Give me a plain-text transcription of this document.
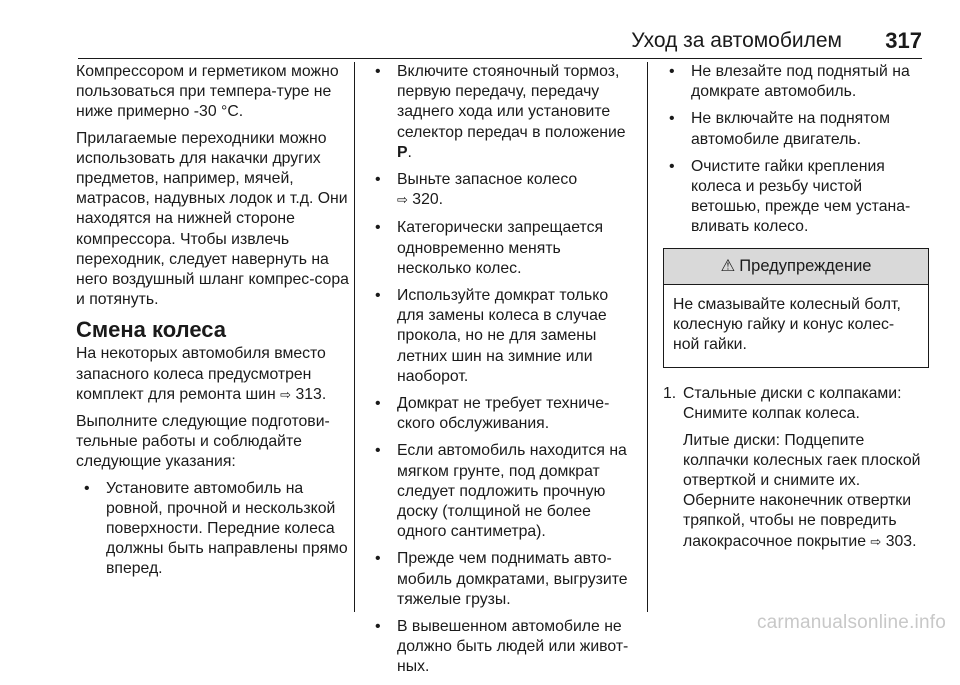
Уход за автомобилем 317

Компрессором и герметиком можно пользоваться при темпера-туре не ниже примерно -30 °C.

Прилагаемые переходники можно использовать для накачки других предметов, например, мячей, матрасов, надувных лодок и т.д. Они находятся на нижней стороне компрессора. Чтобы извлечь переходник, следует навернуть на него воздушный шланг компрес-сора и потянуть.

Смена колеса

На некоторых автомобиля вместо запасного колеса предусмотрен комплект для ремонта шин ⇨ 313.

Выполните следующие подготови-тельные работы и соблюдайте следующие указания:

• Установите автомобиль на ровной, прочной и нескользкой поверхности. Передние колеса должны быть направлены прямо вперед.
• Включите стояночный тормоз, первую передачу, передачу заднего хода или установите селектор передач в положение P.
• Выньте запасное колесо
⇨ 320.
• Категорически запрещается одновременно менять несколько колес.
• Используйте домкрат только для замены колеса в случае прокола, но не для замены летних шин на зимние или наоборот.
• Домкрат не требует техниче-ского обслуживания.
• Если автомобиль находится на мягком грунте, под домкрат следует подложить прочную доску (толщиной не более одного сантиметра).
• Прежде чем поднимать авто-мобиль домкратами, выгрузите тяжелые грузы.
• В вывешенном автомобиле не должно быть людей или живот-ных.
• Не влезайте под поднятый на домкрате автомобиль.
• Не включайте на поднятом автомобиле двигатель.
• Очистите гайки крепления колеса и резьбу чистой ветошью, прежде чем устана-вливать колесо.
⚠ Предупреждение
Не смазывайте колесный болт, колесную гайку и конус колес-ной гайки.
1. Стальные диски с колпаками: Снимите колпак колеса.
Литые диски: Подцепите колпачки колесных гаек плоской отверткой и снимите их. Оберните наконечник отвертки тряпкой, чтобы не повредить лакокрасочное покрытие ⇨ 303.
carmanualsonline.info
